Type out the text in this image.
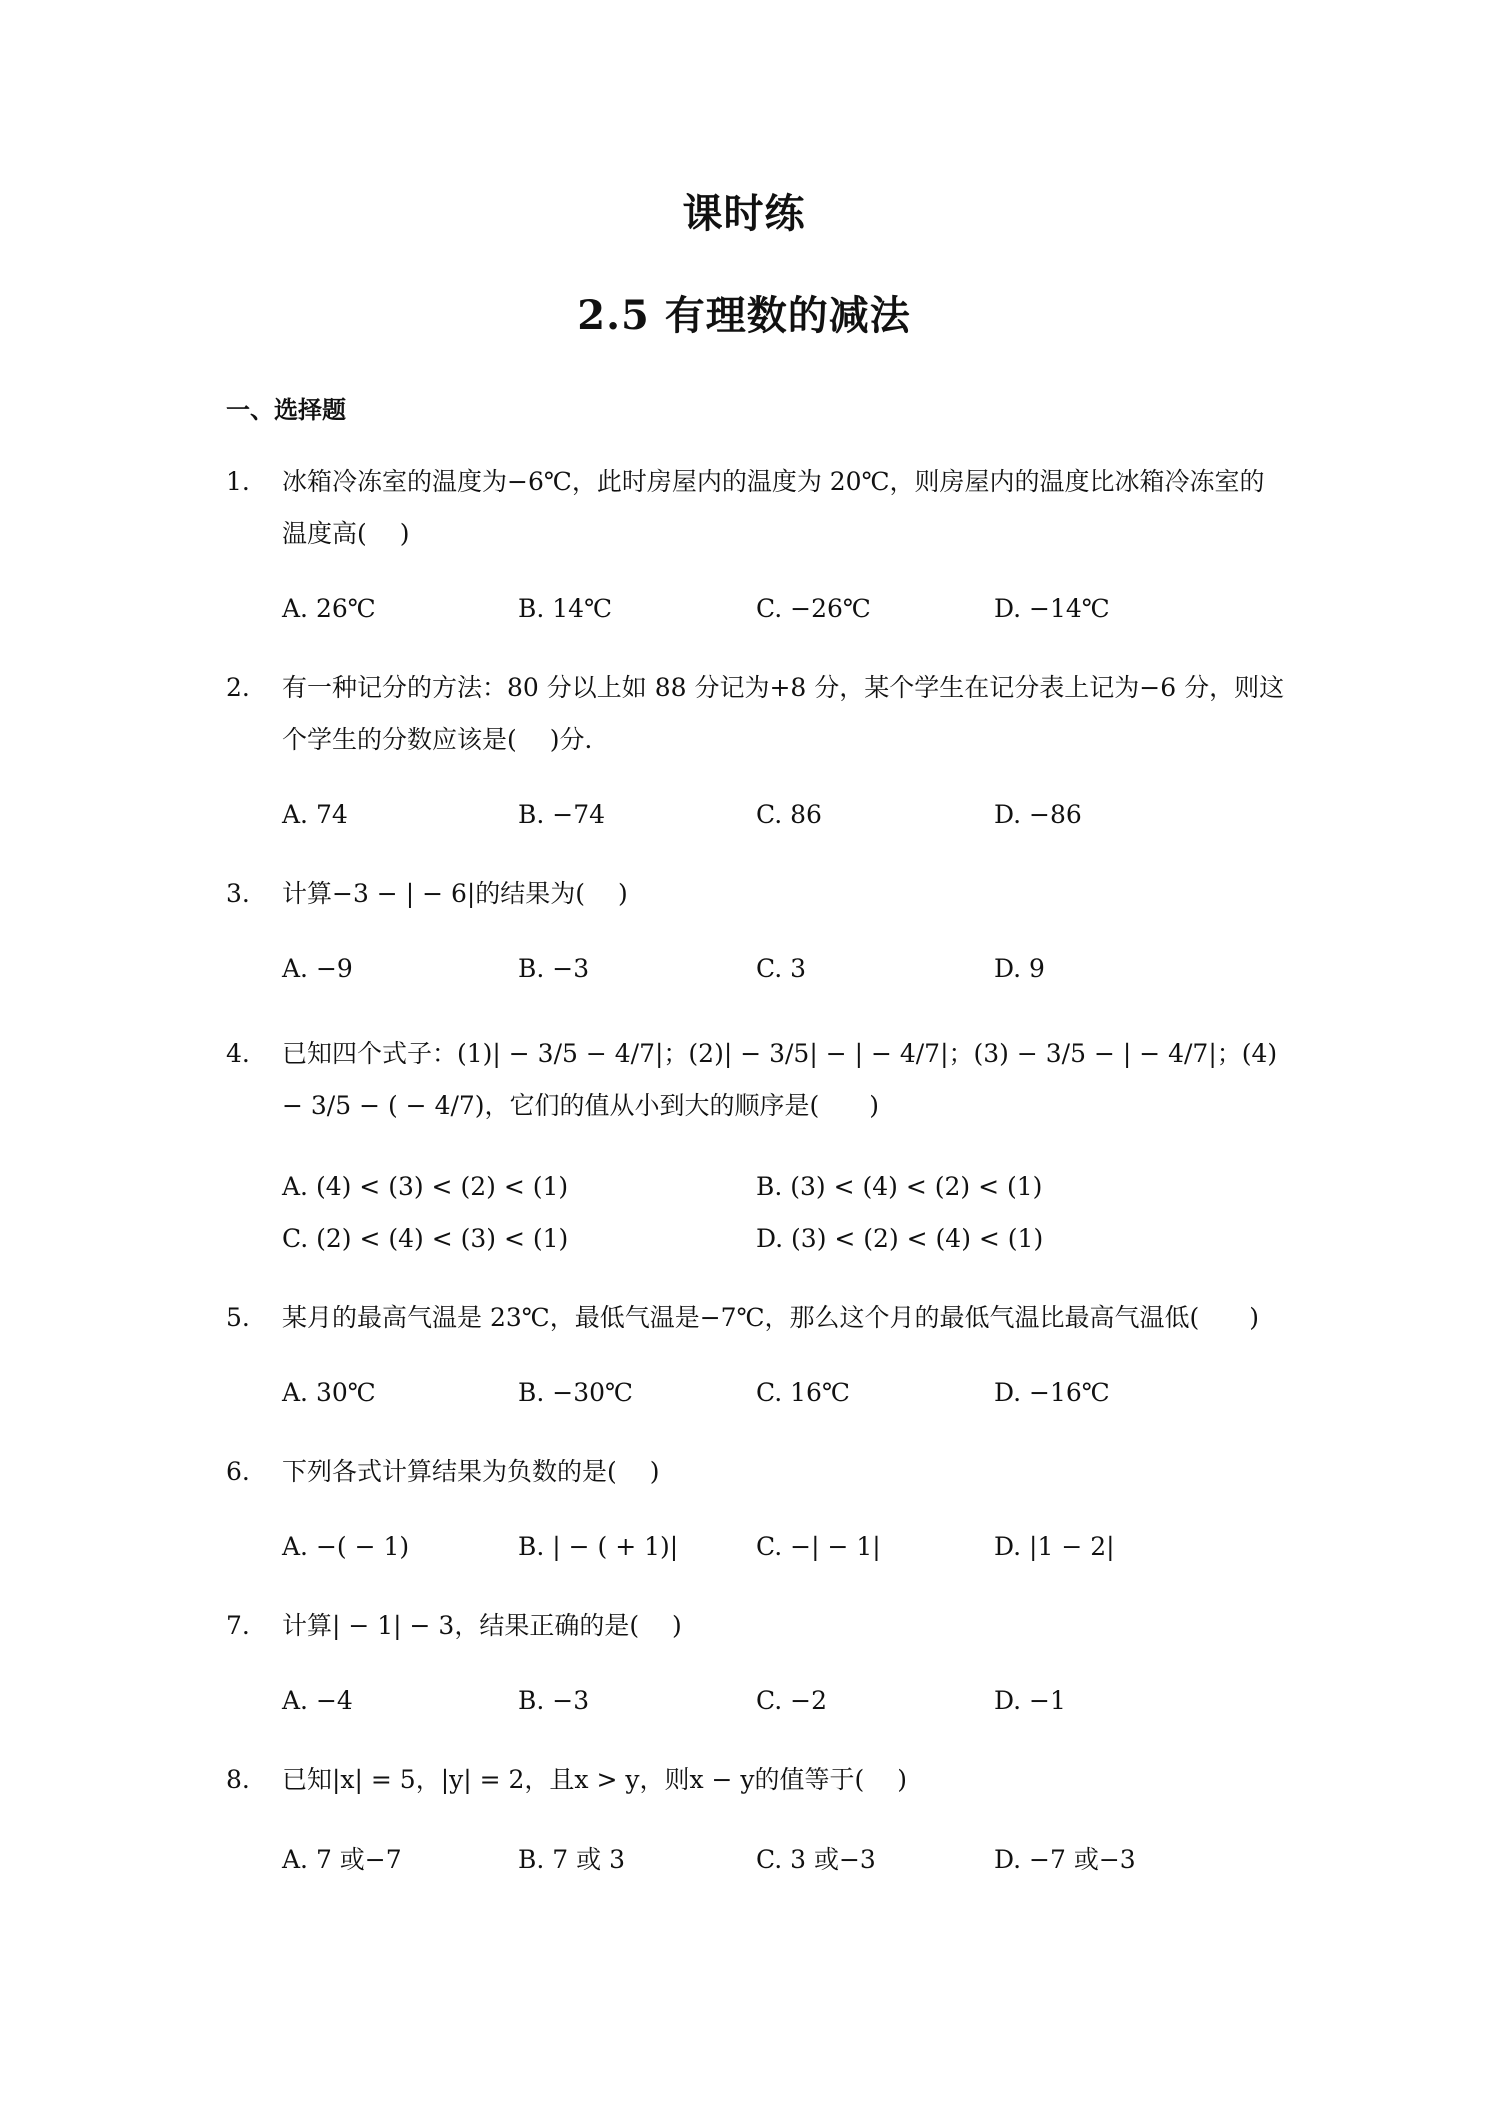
课时练
2.5 有理数的减法
一、选择题
1. 冰箱冷冻室的温度为−6℃，此时房屋内的温度为 20℃，则房屋内的温度比冰箱冷冻室的温度高(　 )
A. 26℃	B. 14℃	C. −26℃	D. −14℃
2. 有一种记分的方法：80 分以上如 88 分记为+8 分，某个学生在记分表上记为−6 分，则这个学生的分数应该是(　 )分．
A. 74	B. −74	C. 86	D. −86
3. 计算−3 − | − 6|的结果为(　 )
A. −9	B. −3	C. 3	D. 9
4. 已知四个式子：(1)| − 3/5 − 4/7|；(2)| − 3/5| − | − 4/7|；(3) − 3/5 − | − 4/7|；(4) − 3/5 − ( − 4/7)，它们的值从小到大的顺序是(　　)
A. (4) < (3) < (2) < (1)	B. (3) < (4) < (2) < (1)
C. (2) < (4) < (3) < (1)	D. (3) < (2) < (4) < (1)
5. 某月的最高气温是 23℃，最低气温是−7℃，那么这个月的最低气温比最高气温低(　　)
A. 30℃	B. −30℃	C. 16℃	D. −16℃
6. 下列各式计算结果为负数的是(　 )
A. −( − 1)	B. | − ( + 1)|	C. −| − 1|	D. |1 − 2|
7. 计算| − 1| − 3，结果正确的是(　 )
A. −4	B. −3	C. −2	D. −1
8. 已知|x| = 5，|y| = 2，且x > y，则x − y的值等于(　 )
A. 7 或−7	B. 7 或 3	C. 3 或−3	D. −7 或−3
